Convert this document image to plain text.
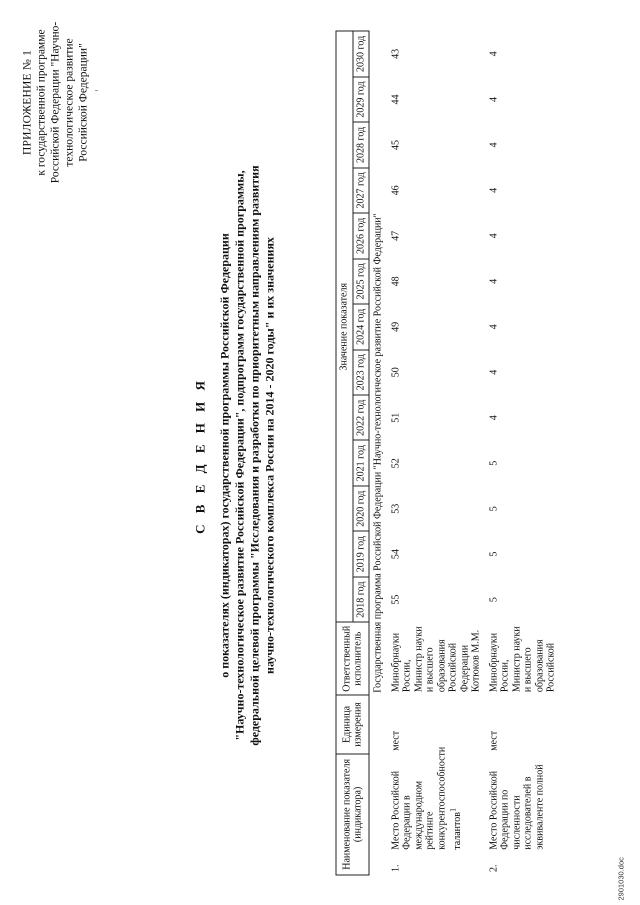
ПРИЛОЖЕНИЕ № 1 к государственной программе Российской Федерации "Научно- технологическое развитие Российской Федерации"
С В Е Д Е Н И Я о показателях (индикаторах) государственной программы Российской Федерации "Научно-технологическое развитие Российской Федерации", подпрограмм государственной программы, федеральной целевой программы "Исследования и разработки по приоритетным направлениям развития научно-технологического комплекса России на 2014 - 2020 годы" и их значениях
Наименование показателя (индикатора)		Единица измерения	Ответственный исполнитель	Значение показателя												
				2018 год	2019 год	2020 год	2021 год	2022 год	2023 год	2024 год	2025 год	2026 год	2027 год	2028 год	2029 год	2030 год
Государственная программа Российской Федерации "Научно-технологическое развитие Российской Федерации"																
1.	Место Российской Федерации в международном рейтинге конкурентоспособности талантов$^1$	мест	Минобрнауки России, Министр науки и высшего образования Российской Федерации Котюков М.М.	55	54	53	52	51	50	49	48	47	46	45	44	43
2.	Место Российской Федерации по численности исследователей в эквиваленте полной	мест	Минобрнауки России, Министр науки и высшего образования Российской	5	5	5	5	4	4	4	4	4	4	4	4	4
2901030.doc
